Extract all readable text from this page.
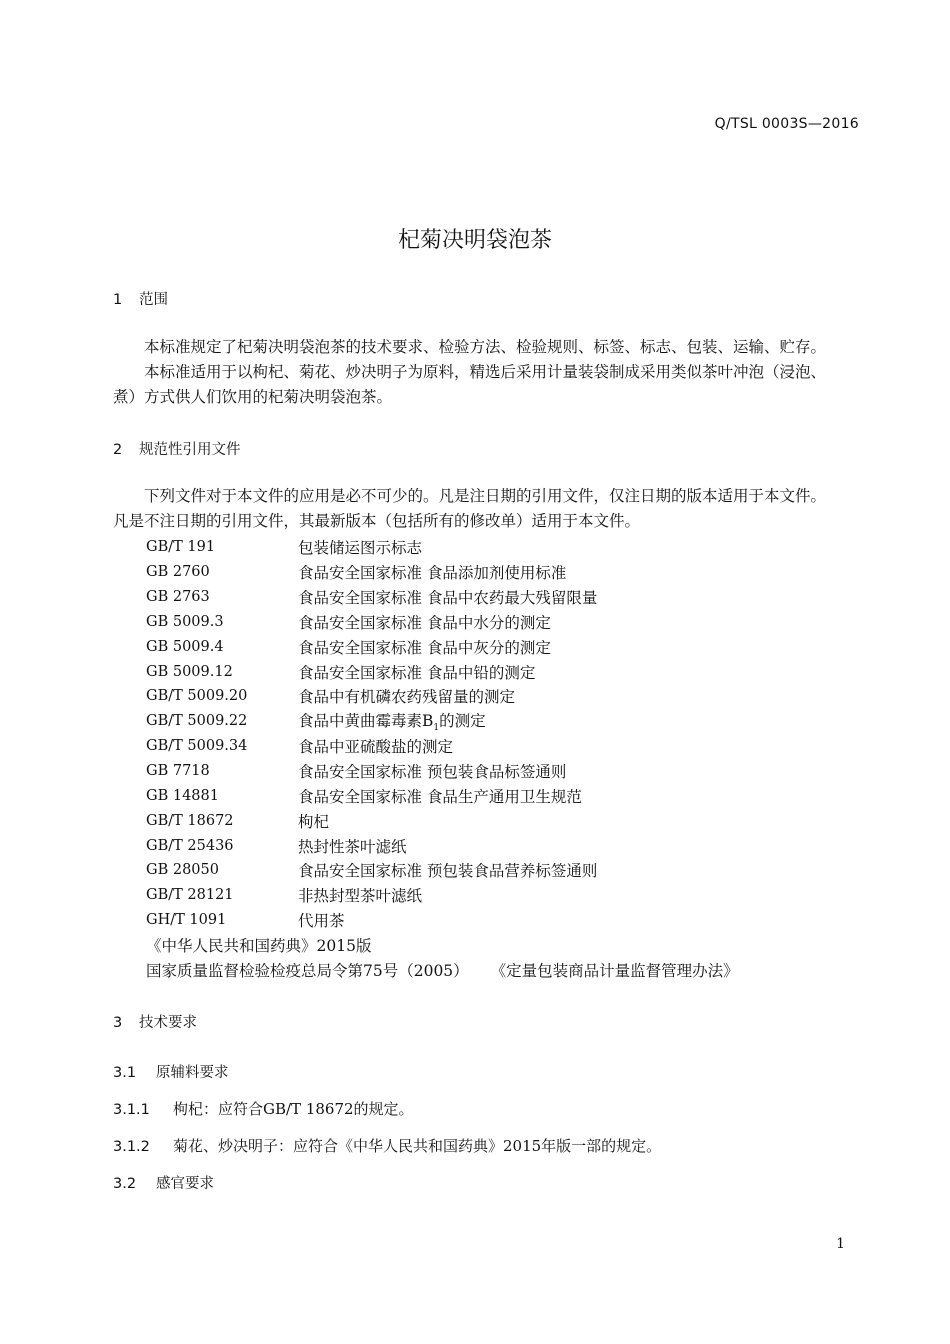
Q/TSL 0003S—2016
杞菊决明袋泡茶
1 范围

本标准规定了杞菊决明袋泡茶的技术要求、检验方法、检验规则、标签、标志、包装、运输、贮存。

本标准适用于以枸杞、菊花、炒决明子为原料，精选后采用计量装袋制成采用类似茶叶冲泡（浸泡、
煮）方式供人们饮用的杞菊决明袋泡茶。

2 规范性引用文件

下列文件对于本文件的应用是必不可少的。凡是注日期的引用文件，仅注日期的版本适用于本文件。
凡是不注日期的引用文件，其最新版本（包括所有的修改单）适用于本文件。

GB/T 191	包装储运图示标志
GB 2760	食品安全国家标准 食品添加剂使用标准
GB 2763	食品安全国家标准 食品中农药最大残留限量
GB 5009.3	食品安全国家标准 食品中水分的测定
GB 5009.4	食品安全国家标准 食品中灰分的测定
GB 5009.12	食品安全国家标准 食品中铅的测定
GB/T 5009.20	食品中有机磷农药残留量的测定
GB/T 5009.22	食品中黄曲霉毒素$B_1$的测定
GB/T 5009.34	食品中亚硫酸盐的测定
GB 7718	食品安全国家标准 预包装食品标签通则
GB 14881	食品安全国家标准 食品生产通用卫生规范
GB/T 18672	枸杞
GB/T 25436	热封性茶叶滤纸
GB 28050	食品安全国家标准 预包装食品营养标签通则
GB/T 28121	非热封型茶叶滤纸
GH/T 1091	代用茶
《中华人民共和国药典》2015版
国家质量监督检验检疫总局令第75号（2005） 《定量包装商品计量监督管理办法》
3 技术要求
3.1 原辅料要求
3.1.1 枸杞：应符合GB/T 18672的规定。
3.1.2 菊花、炒决明子：应符合《中华人民共和国药典》2015年版一部的规定。
3.2 感官要求
1
